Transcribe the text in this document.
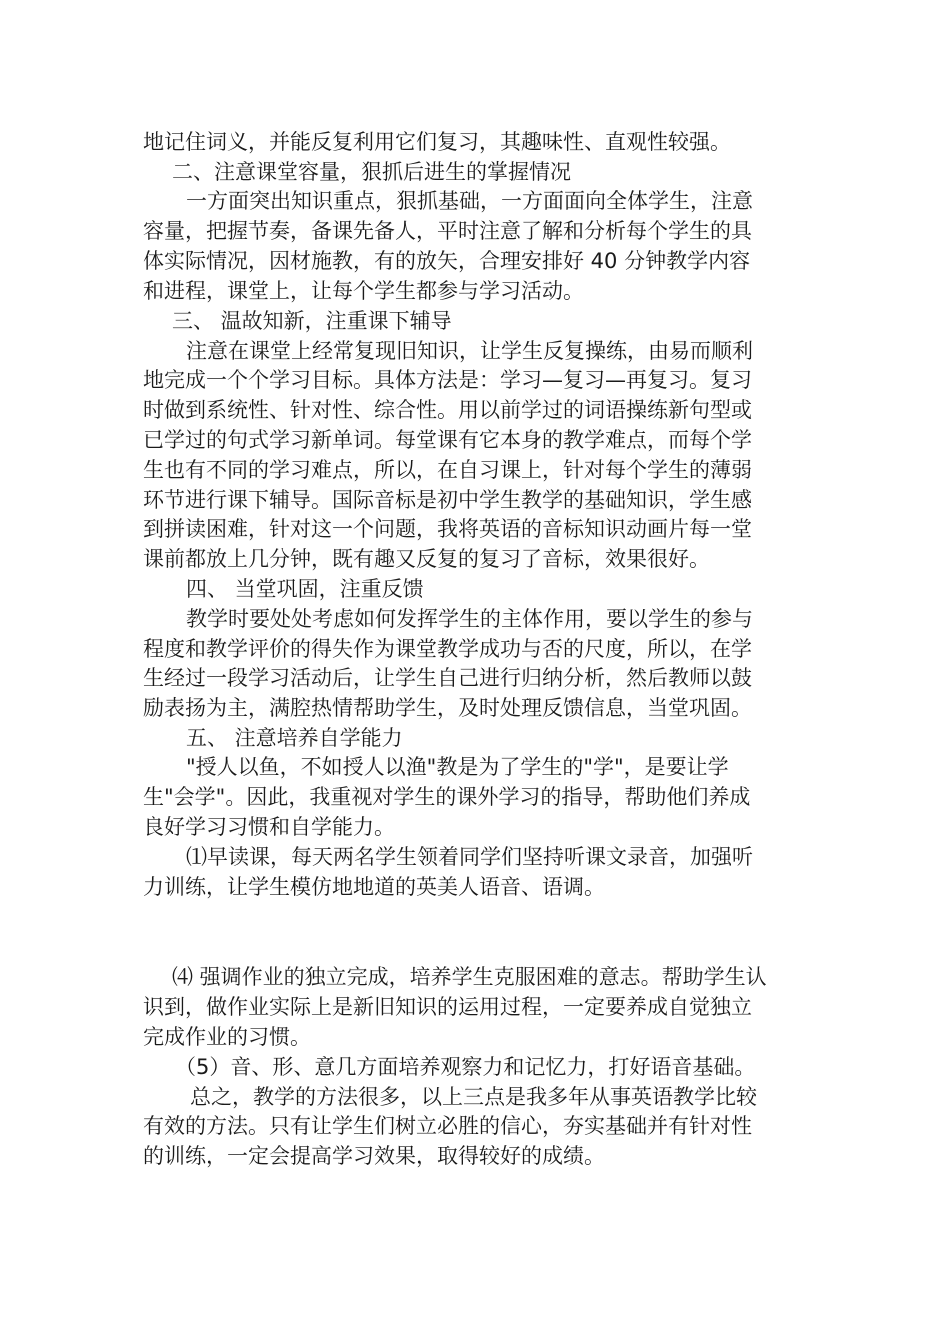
地记住词义，并能反复利用它们复习，其趣味性、直观性较强。
二、注意课堂容量，狠抓后进生的掌握情况
一方面突出知识重点，狠抓基础，一方面面向全体学生，注意
容量，把握节奏，备课先备人，平时注意了解和分析每个学生的具
体实际情况，因材施教，有的放矢，合理安排好 40 分钟教学内容
和进程，课堂上，让每个学生都参与学习活动。
三、 温故知新，注重课下辅导
注意在课堂上经常复现旧知识，让学生反复操练，由易而顺利
地完成一个个学习目标。具体方法是：学习—复习—再复习。复习
时做到系统性、针对性、综合性。用以前学过的词语操练新句型或
已学过的句式学习新单词。每堂课有它本身的教学难点，而每个学
生也有不同的学习难点，所以，在自习课上，针对每个学生的薄弱
环节进行课下辅导。国际音标是初中学生教学的基础知识，学生感
到拼读困难，针对这一个问题，我将英语的音标知识动画片每一堂
课前都放上几分钟，既有趣又反复的复习了音标，效果很好。
四、 当堂巩固，注重反馈
教学时要处处考虑如何发挥学生的主体作用，要以学生的参与
程度和教学评价的得失作为课堂教学成功与否的尺度，所以，在学
生经过一段学习活动后，让学生自己进行归纳分析，然后教师以鼓
励表扬为主，满腔热情帮助学生，及时处理反馈信息，当堂巩固。
五、 注意培养自学能力
"授人以鱼，不如授人以渔"教是为了学生的"学"，是要让学
生"会学"。因此，我重视对学生的课外学习的指导，帮助他们养成
良好学习习惯和自学能力。
⑴早读课，每天两名学生领着同学们坚持听课文录音，加强听
力训练，让学生模仿地地道的英美人语音、语调。
⑷ 强调作业的独立完成，培养学生克服困难的意志。帮助学生认
识到，做作业实际上是新旧知识的运用过程，一定要养成自觉独立
完成作业的习惯。
（5）音、形、意几方面培养观察力和记忆力，打好语音基础。
总之，教学的方法很多，以上三点是我多年从事英语教学比较
有效的方法。只有让学生们树立必胜的信心，夯实基础并有针对性
的训练，一定会提高学习效果，取得较好的成绩。
